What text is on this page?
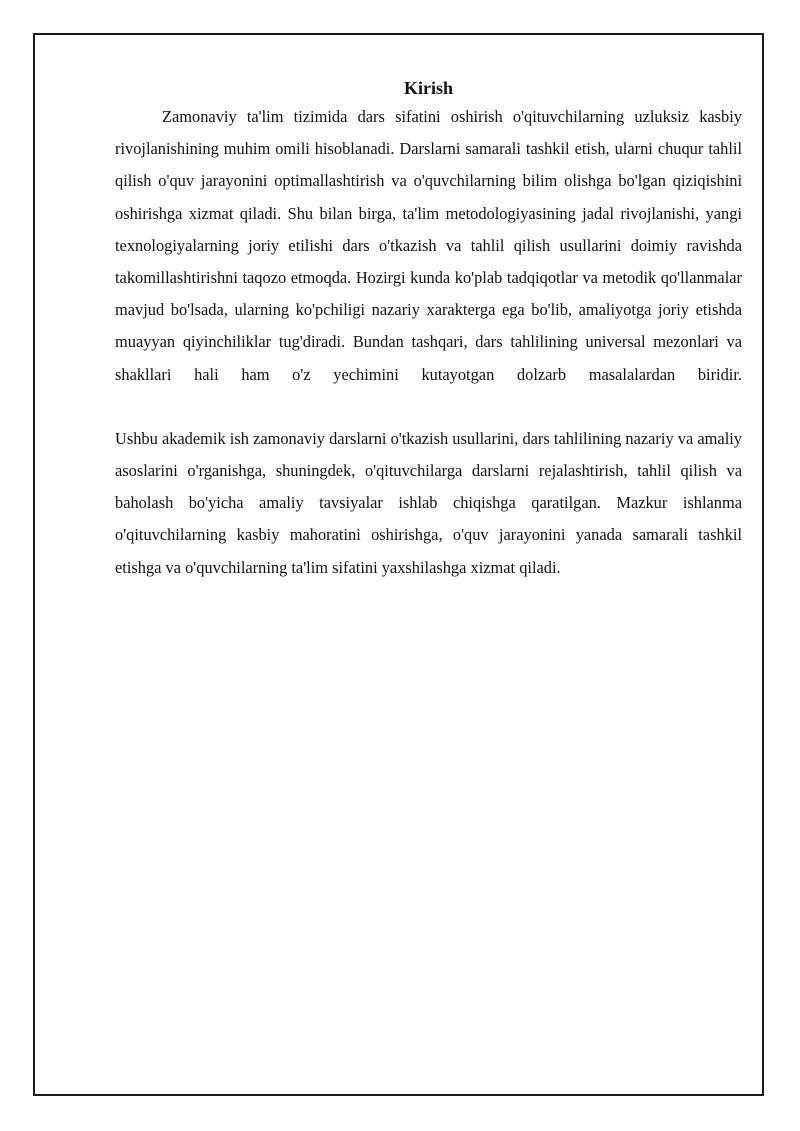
Kirish

Zamonaviy ta'lim tizimida dars sifatini oshirish o'qituvchilarning uzluksiz kasbiy rivojlanishining muhim omili hisoblanadi. Darslarni samarali tashkil etish, ularni chuqur tahlil qilish o'quv jarayonini optimallashtirish va o'quvchilarning bilim olishga bo'lgan qiziqishini oshirishga xizmat qiladi. Shu bilan birga, ta'lim metodologiyasining jadal rivojlanishi, yangi texnologiyalarning joriy etilishi dars o'tkazish va tahlil qilish usullarini doimiy ravishda takomillashtirishni taqozo etmoqda. Hozirgi kunda ko'plab tadqiqotlar va metodik qo'llanmalar mavjud bo'lsada, ularning ko'pchiligi nazariy xarakterga ega bo'lib, amaliyotga joriy etishda muayyan qiyinchiliklar tug'diradi. Bundan tashqari, dars tahlilining universal mezonlari va shakllari hali ham o'z yechimini kutayotgan dolzarb masalalardan biridir.

Ushbu akademik ish zamonaviy darslarni o'tkazish usullarini, dars tahlilining nazariy va amaliy asoslarini o'rganishga, shuningdek, o'qituvchilarga darslarni rejalashtirish, tahlil qilish va baholash bo'yicha amaliy tavsiyalar ishlab chiqishga qaratilgan. Mazkur ishlanma o'qituvchilarning kasbiy mahoratini oshirishga, o'quv jarayonini yanada samarali tashkil etishga va o'quvchilarning ta'lim sifatini yaxshilashga xizmat qiladi.
